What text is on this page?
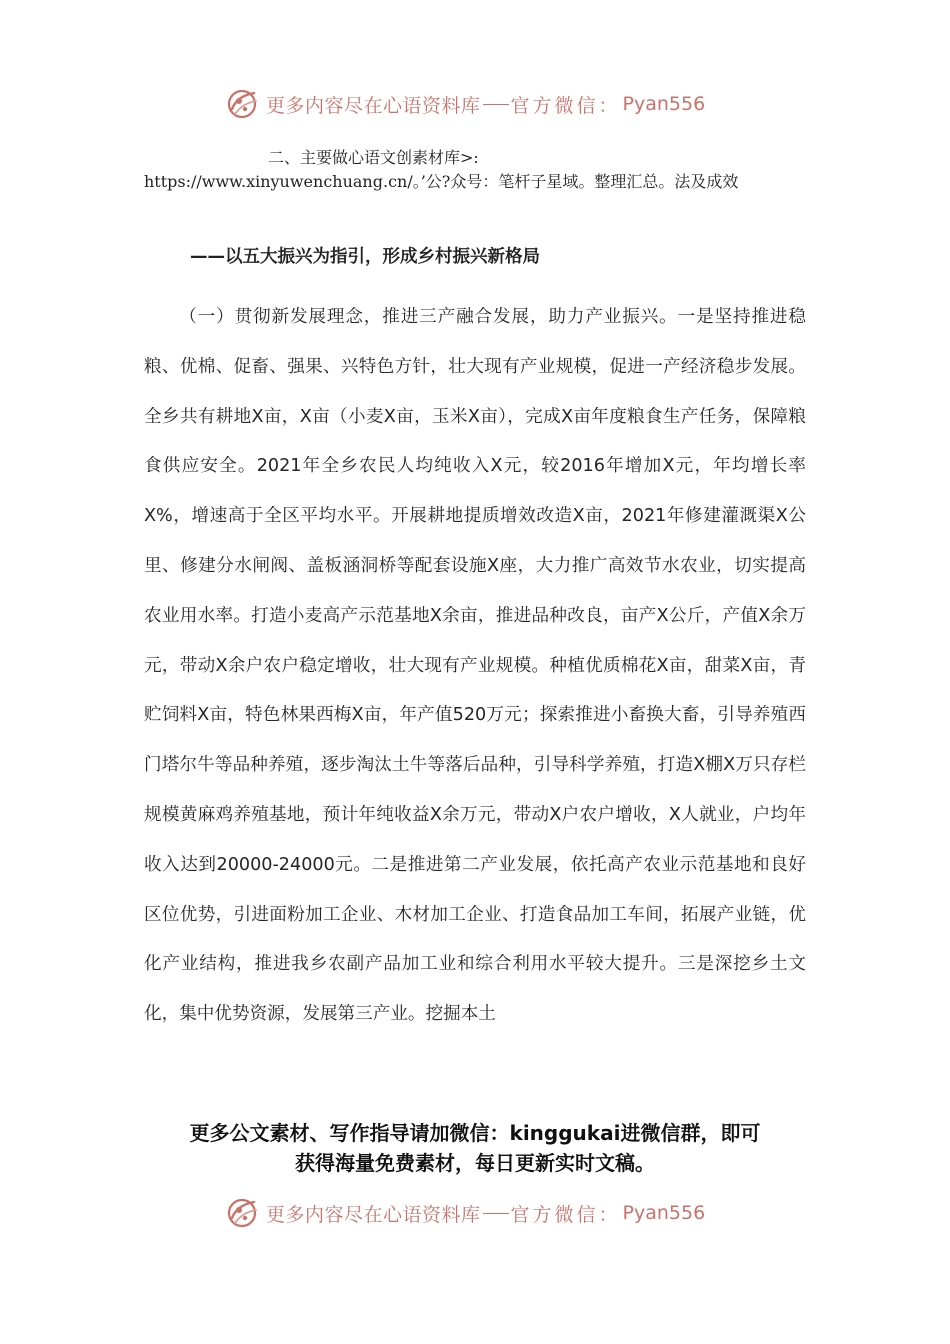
更多内容尽在心语资料库 官方微信： Pyan556
二、主要做心语文创素材库>:
https://www.xinyuwenchuang.cn/。’公?众号：笔杆子星域。整理汇总。法及成效
——以五大振兴为指引，形成乡村振兴新格局

（一）贯彻新发展理念，推进三产融合发展，助力产业振兴。一是坚持推进稳粮、优棉、促畜、强果、兴特色方针，壮大现有产业规模，促进一产经济稳步发展。全乡共有耕地X亩，X亩（小麦X亩，玉米X亩），完成X亩年度粮食生产任务，保障粮食供应安全。2021年全乡农民人均纯收入X元，较2016年增加X元，年均增长率X%，增速高于全区平均水平。开展耕地提质增效改造X亩，2021年修建灌溉渠X公里、修建分水闸阀、盖板涵洞桥等配套设施X座，大力推广高效节水农业，切实提高农业用水率。打造小麦高产示范基地X余亩，推进品种改良，亩产X公斤，产值X余万元，带动X余户农户稳定增收，壮大现有产业规模。种植优质棉花X亩，甜菜X亩，青贮饲料X亩，特色林果西梅X亩，年产值520万元；探索推进小畜换大畜，引导养殖西门塔尔牛等品种养殖，逐步淘汰土牛等落后品种，引导科学养殖，打造X棚X万只存栏规模黄麻鸡养殖基地，预计年纯收益X余万元，带动X户农户增收，X人就业，户均年收入达到20000-24000元。二是推进第二产业发展，依托高产农业示范基地和良好区位优势，引进面粉加工企业、木材加工企业、打造食品加工车间，拓展产业链，优化产业结构，推进我乡农副产品加工业和综合利用水平较大提升。三是深挖乡土文化，集中优势资源，发展第三产业。挖掘本土

更多公文素材、写作指导请加微信：kinggukai进微信群，即可
获得海量免费素材，每日更新实时文稿。
更多内容尽在心语资料库 官方微信： Pyan556
